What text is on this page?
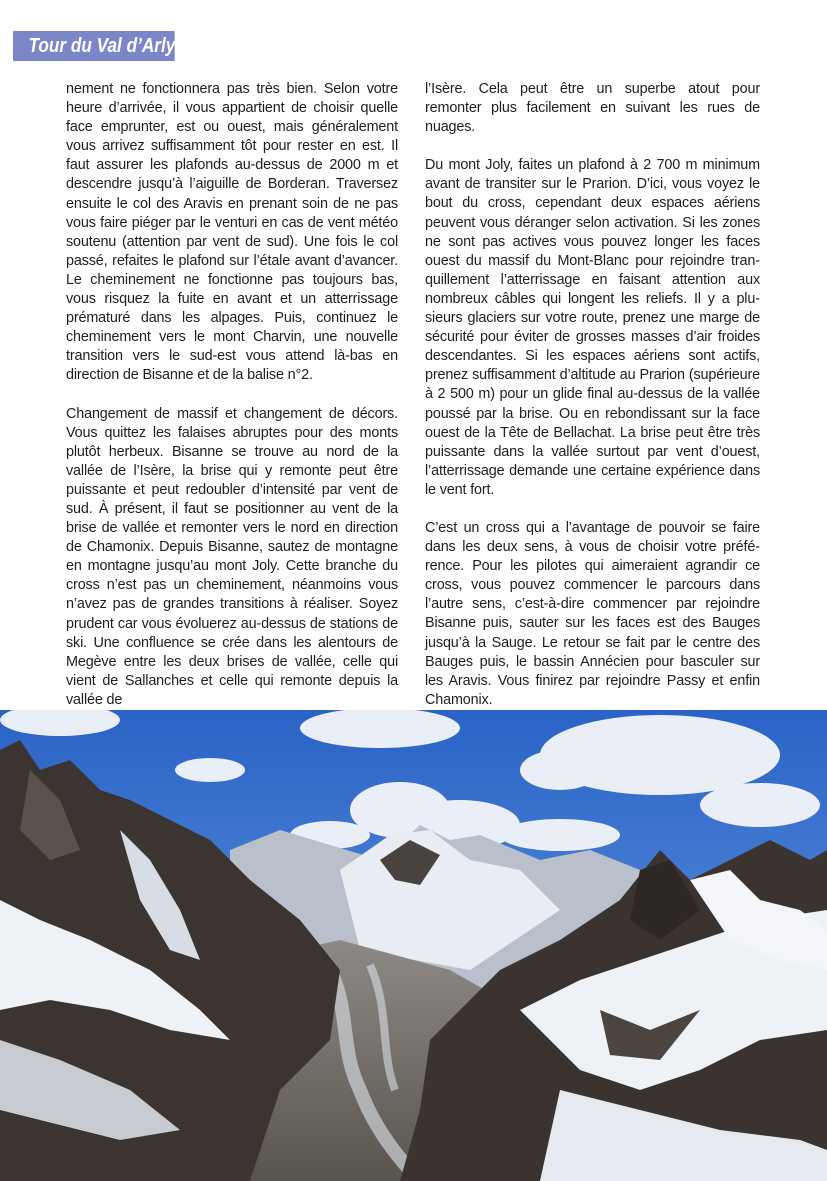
Tour du Val d’Arly

nement ne fonctionnera pas très bien. Selon votre heure d’arrivée, il vous appartient de choisir quelle face emprunter, est ou ouest, mais généralement vous arrivez suffisamment tôt pour rester en est. Il faut assurer les plafonds au-dessus de 2000 m et descendre jusqu’à l’aiguille de Borderan. Traversez ensuite le col des Aravis en prenant soin de ne pas vous faire piéger par le venturi en cas de vent météo soutenu (attention par vent de sud). Une fois le col passé, refaites le plafond sur l’étale avant d’avancer. Le cheminement ne fonctionne pas toujours bas, vous risquez la fuite en avant et un atterrissage prématuré dans les alpages. Puis, continuez le cheminement vers le mont Charvin, une nouvelle transition vers le sud-est vous attend là-bas en direction de Bisanne et de la balise n°2.

Changement de massif et changement de décors. Vous quittez les falaises abruptes pour des monts plutôt herbeux. Bisanne se trouve au nord de la vallée de l’Isère, la brise qui y remonte peut être puissante et peut redoubler d’intensité par vent de sud. À présent, il faut se positionner au vent de la brise de vallée et remonter vers le nord en direction de Chamonix. Depuis Bisanne, sautez de montagne en montagne jusqu’au mont Joly. Cette branche du cross n’est pas un cheminement, néanmoins vous n’avez pas de grandes transitions à réaliser. Soyez prudent car vous évoluerez au-dessus de stations de ski. Une confluence se crée dans les alentours de Megève entre les deux brises de vallée, celle qui vient de Sallanches et celle qui remonte depuis la vallée de

l’Isère. Cela peut être un superbe atout pour remonter plus facilement en suivant les rues de nuages.

Du mont Joly, faites un plafond à 2 700 m minimum avant de transiter sur le Prarion. D’ici, vous voyez le bout du cross, cependant deux espaces aériens peuvent vous déranger selon activation. Si les zones ne sont pas actives vous pouvez longer les faces ouest du massif du Mont-Blanc pour rejoindre tranquillement l’atterrissage en faisant attention aux nombreux câbles qui longent les reliefs. Il y a plusieurs glaciers sur votre route, prenez une marge de sécurité pour éviter de grosses masses d’air froides descendantes. Si les espaces aériens sont actifs, prenez suffisamment d’altitude au Prarion (supérieure à 2 500 m) pour un glide final au-dessus de la vallée poussé par la brise. Ou en rebondissant sur la face ouest de la Tête de Bellachat. La brise peut être très puissante dans la vallée surtout par vent d’ouest, l’atterrissage demande une certaine expérience dans le vent fort.

C’est un cross qui a l’avantage de pouvoir se faire dans les deux sens, à vous de choisir votre préférence. Pour les pilotes qui aimeraient agrandir ce cross, vous pouvez commencer le parcours dans l’autre sens, c’est-à-dire commencer par rejoindre Bisanne puis, sauter sur les faces est des Bauges jusqu’à la Sauge. Le retour se fait par le centre des Bauges puis, le bassin Annécien pour basculer sur les Aravis. Vous finirez par rejoindre Passy et enfin Chamonix.
